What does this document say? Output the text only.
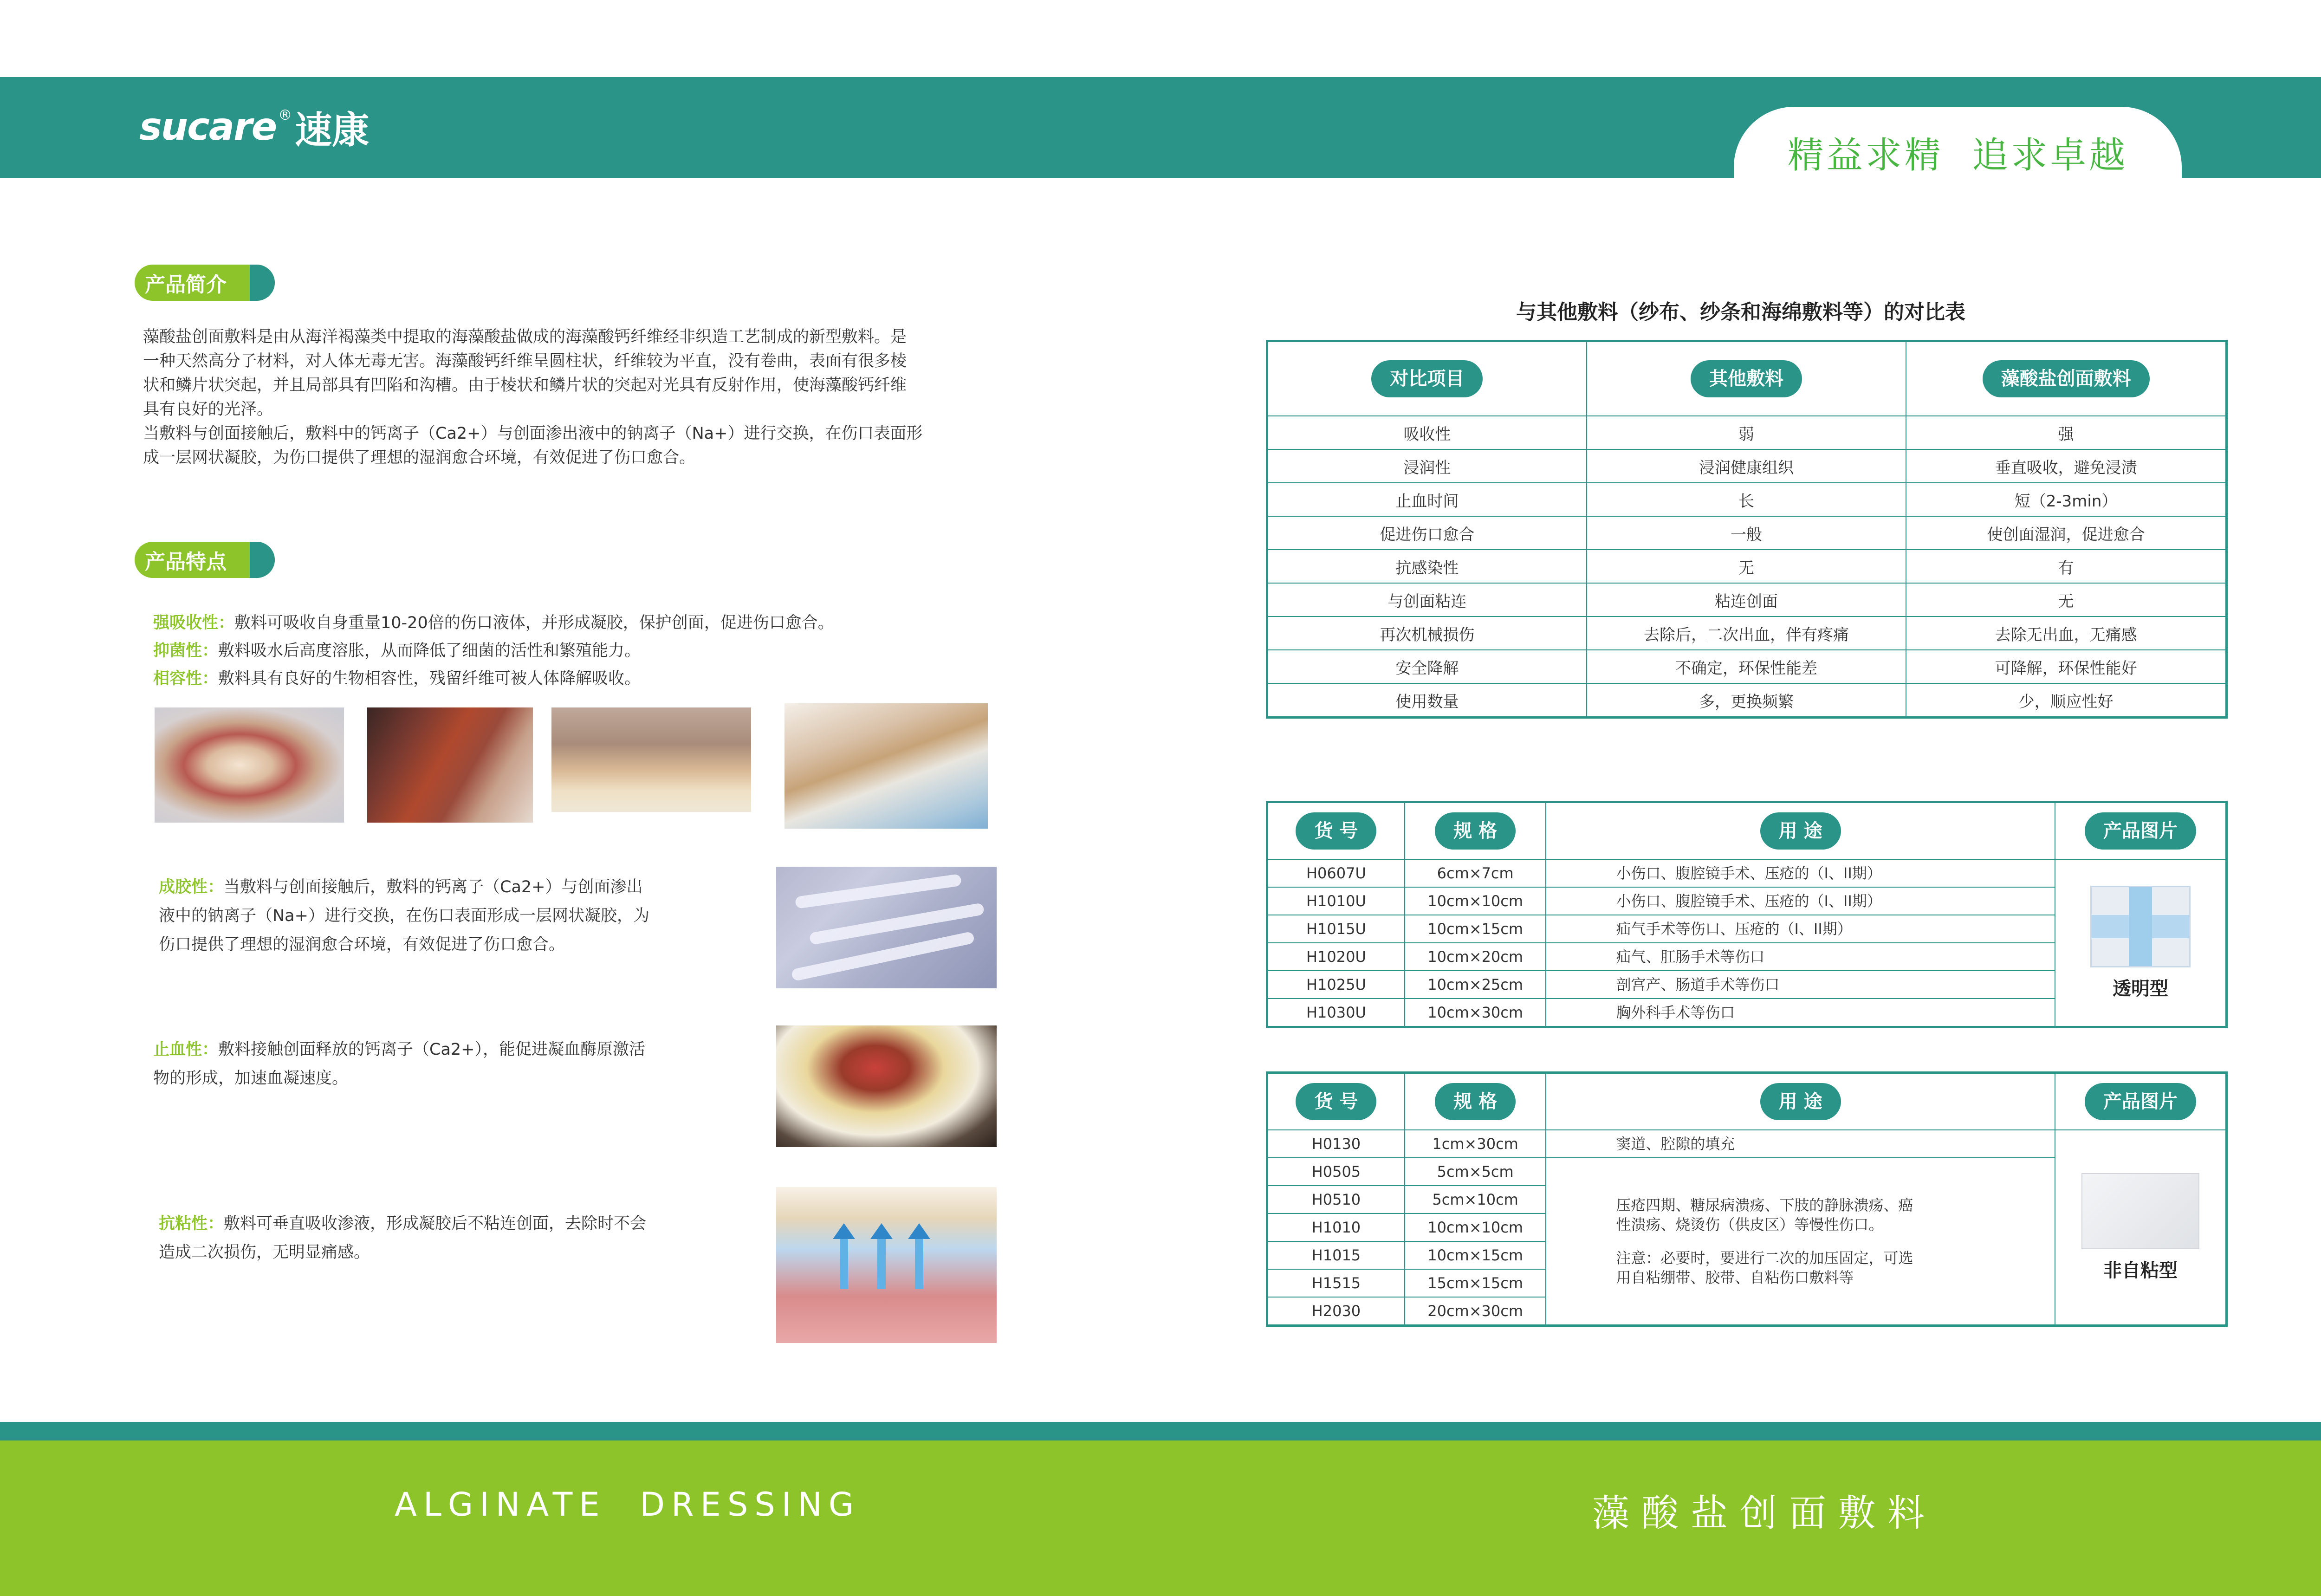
sucare ® 速康
精益求精  追求卓越
产品简介

藻酸盐创面敷料是由从海洋褐藻类中提取的海藻酸盐做成的海藻酸钙纤维经非织造工艺制成的新型敷料。是

一种天然高分子材料，对人体无毒无害。海藻酸钙纤维呈圆柱状，纤维较为平直，没有卷曲，表面有很多棱

状和鳞片状突起，并且局部具有凹陷和沟槽。由于棱状和鳞片状的突起对光具有反射作用，使海藻酸钙纤维

具有良好的光泽。

当敷料与创面接触后，敷料中的钙离子（Ca2+）与创面渗出液中的钠离子（Na+）进行交换，在伤口表面形

成一层网状凝胶，为伤口提供了理想的湿润愈合环境，有效促进了伤口愈合。

产品特点
强吸收性：敷料可吸收自身重量10-20倍的伤口液体，并形成凝胶，保护创面，促进伤口愈合。
抑菌性：敷料吸水后高度溶胀，从而降低了细菌的活性和繁殖能力。
相容性：敷料具有良好的生物相容性，残留纤维可被人体降解吸收。
成胶性：当敷料与创面接触后，敷料的钙离子（Ca2+）与创面渗出
液中的钠离子（Na+）进行交换，在伤口表面形成一层网状凝胶，为
伤口提供了理想的湿润愈合环境，有效促进了伤口愈合。
止血性：敷料接触创面释放的钙离子（Ca2+），能促进凝血酶原激活
物的形成，加速血凝速度。
抗粘性：敷料可垂直吸收渗液，形成凝胶后不粘连创面，去除时不会
造成二次损伤，无明显痛感。
与其他敷料（纱布、纱条和海绵敷料等）的对比表
对比项目	其他敷料	藻酸盐创面敷料
吸收性	弱	强
浸润性	浸润健康组织	垂直吸收，避免浸渍
止血时间	长	短（2-3min）
促进伤口愈合	一般	使创面湿润，促进愈合
抗感染性	无	有
与创面粘连	粘连创面	无
再次机械损伤	去除后，二次出血，伴有疼痛	去除无出血，无痛感
安全降解	不确定，环保性能差	可降解，环保性能好
使用数量	多，更换频繁	少，顺应性好
货 号	规 格	用 途	产品图片
H0607U	6cm×7cm	小伤口、腹腔镜手术、压疮的（I、II期）	透明型

H1010U	10cm×10cm	小伤口、腹腔镜手术、压疮的（I、II期）	
H1015U	10cm×15cm	疝气手术等伤口、压疮的（I、II期）	
H1020U	10cm×20cm	疝气、肛肠手术等伤口	
H1025U	10cm×25cm	剖宫产、肠道手术等伤口	
H1030U	10cm×30cm	胸外科手术等伤口	
货 号	规 格	用 途	产品图片
H0130	1cm×30cm	窦道、腔隙的填充	非自粘型

H0505	5cm×5cm	压疮四期、糖尿病溃疡、下肢的静脉溃疡、癌
性溃疡、烧烫伤（供皮区）等慢性伤口。
注意：必要时，要进行二次的加压固定，可选
用自粘绷带、胶带、自粘伤口敷料等	

H0510	5cm×10cm		
H1010	10cm×10cm		
H1015	10cm×15cm		
H1515	15cm×15cm		
H2030	20cm×30cm		
ALGINATE  DRESSING	藻酸盐创面敷料
